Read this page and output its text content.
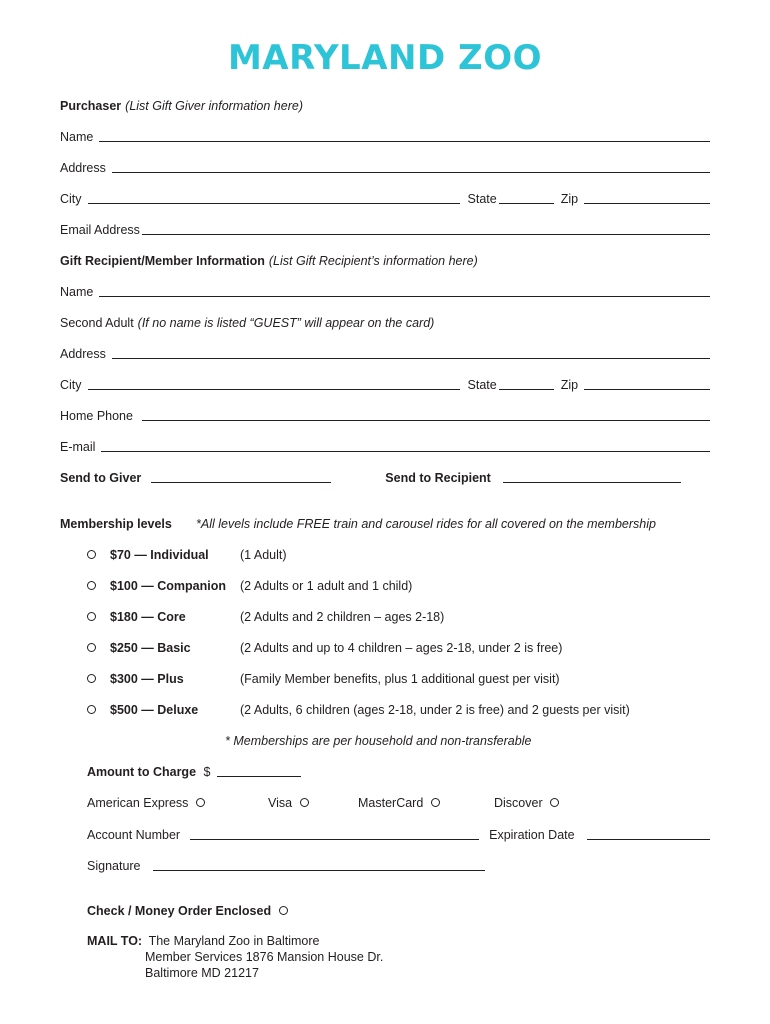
MARYLAND ZOO
Purchaser (List Gift Giver information here)
Name
Address
City	State	Zip
Email Address
Gift Recipient/Member Information (List Gift Recipient’s information here)
Name
Second Adult (If no name is listed “GUEST” will appear on the card)
Address
City	State	Zip
Home Phone
E-mail
Send to Giver	Send to Recipient
Membership levels *All levels include FREE train and carousel rides for all covered on the membership
$70 — Individual	(1 Adult)
$100 — Companion (2 Adults or 1 adult and 1 child)
$180 — Core	(2 Adults and 2 children – ages 2-18)
$250 — Basic	(2 Adults and up to 4 children – ages 2-18, under 2 is free)
$300 — Plus	(Family Member benefits, plus 1 additional guest per visit)
$500 — Deluxe	(2 Adults, 6 children (ages 2-18, under 2 is free) and 2 guests per visit)
* Memberships are per household and non-transferable
Amount to Charge $
American Express	Visa	MasterCard	Discover
Account Number	Expiration Date
Signature
Check / Money Order Enclosed
MAIL TO: The Maryland Zoo in Baltimore
Member Services 1876 Mansion House Dr.
Baltimore MD 21217
